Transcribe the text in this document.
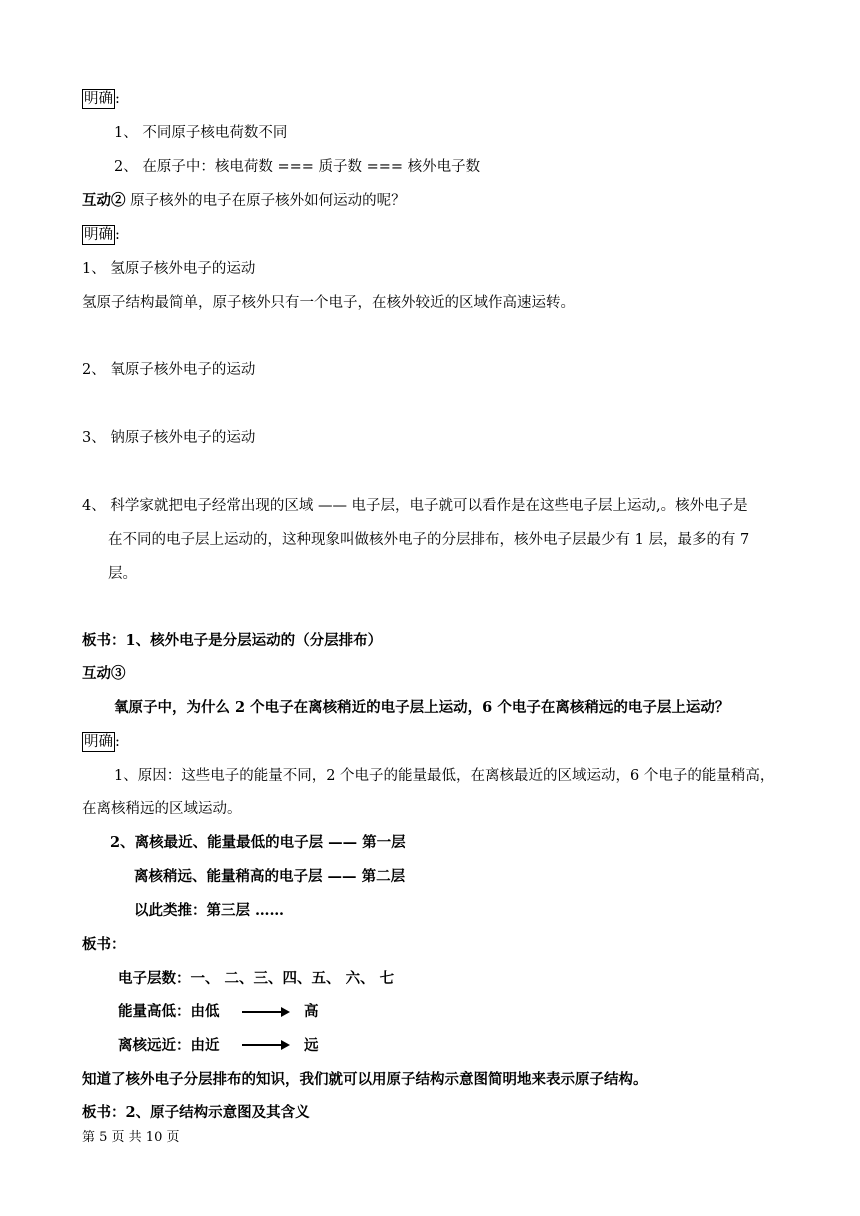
明确 :
1、 不同原子核电荷数不同
2、 在原子中：核电荷数 === 质子数 === 核外电子数
互动② 原子核外的电子在原子核外如何运动的呢？
明确 :
1、 氢原子核外电子的运动
氢原子结构最简单，原子核外只有一个电子，在核外较近的区域作高速运转。
2、 氧原子核外电子的运动
3、 钠原子核外电子的运动
4、 科学家就把电子经常出现的区域 —— 电子层，电子就可以看作是在这些电子层上运动,。核外电子是
在不同的电子层上运动的，这种现象叫做核外电子的分层排布，核外电子层最少有 1 层，最多的有 7
层。
板书：1、核外电子是分层运动的（分层排布）
互动③
氧原子中，为什么 2 个电子在离核稍近的电子层上运动，6 个电子在离核稍远的电子层上运动？
明确 :
1、原因：这些电子的能量不同，2 个电子的能量最低，在离核最近的区域运动，6 个电子的能量稍高，
在离核稍远的区域运动。
2、离核最近、能量最低的电子层 —— 第一层
离核稍远、能量稍高的电子层 —— 第二层
以此类推：第三层 ……
板书：
电子层数：一、 二、三、四、五、 六、 七
能量高低：由低	高
离核远近：由近	远
知道了核外电子分层排布的知识，我们就可以用原子结构示意图简明地来表示原子结构。
板书：2、原子结构示意图及其含义
第 5 页 共 10 页
